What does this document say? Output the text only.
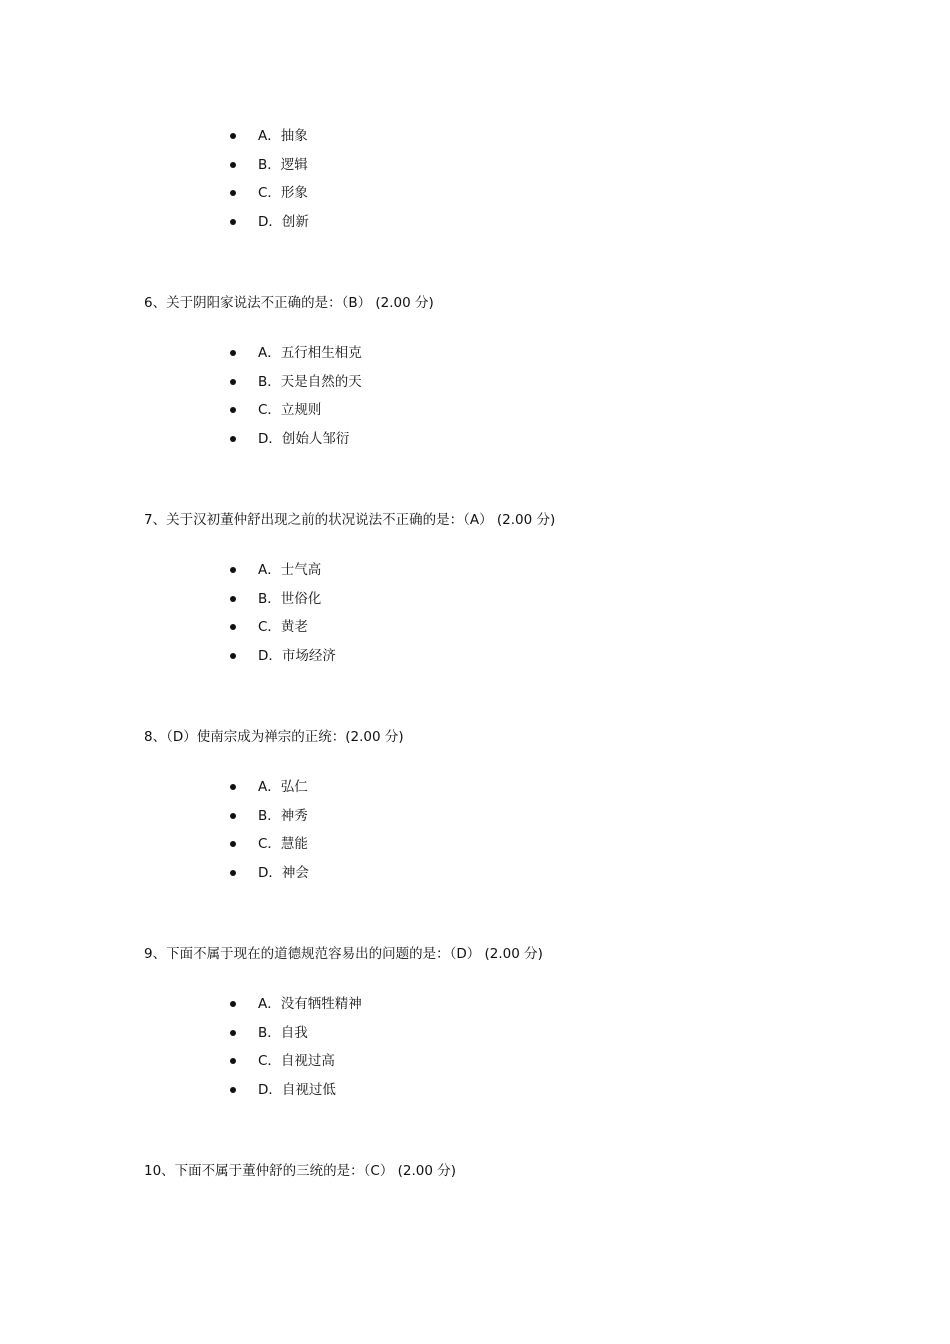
A．抽象
B．逻辑
C．形象
D．创新
6、关于阴阳家说法不正确的是：（B） (2.00 分)
A．五行相生相克
B．天是自然的天
C．立规则
D．创始人邹衍
7、关于汉初董仲舒出现之前的状况说法不正确的是：（A） (2.00 分)
A．士气高
B．世俗化
C．黄老
D．市场经济
8、（D）使南宗成为禅宗的正统：(2.00 分)
A．弘仁
B．神秀
C．慧能
D．神会
9、下面不属于现在的道德规范容易出的问题的是：（D） (2.00 分)
A．没有牺牲精神
B．自我
C．自视过高
D．自视过低
10、下面不属于董仲舒的三统的是：（C） (2.00 分)
